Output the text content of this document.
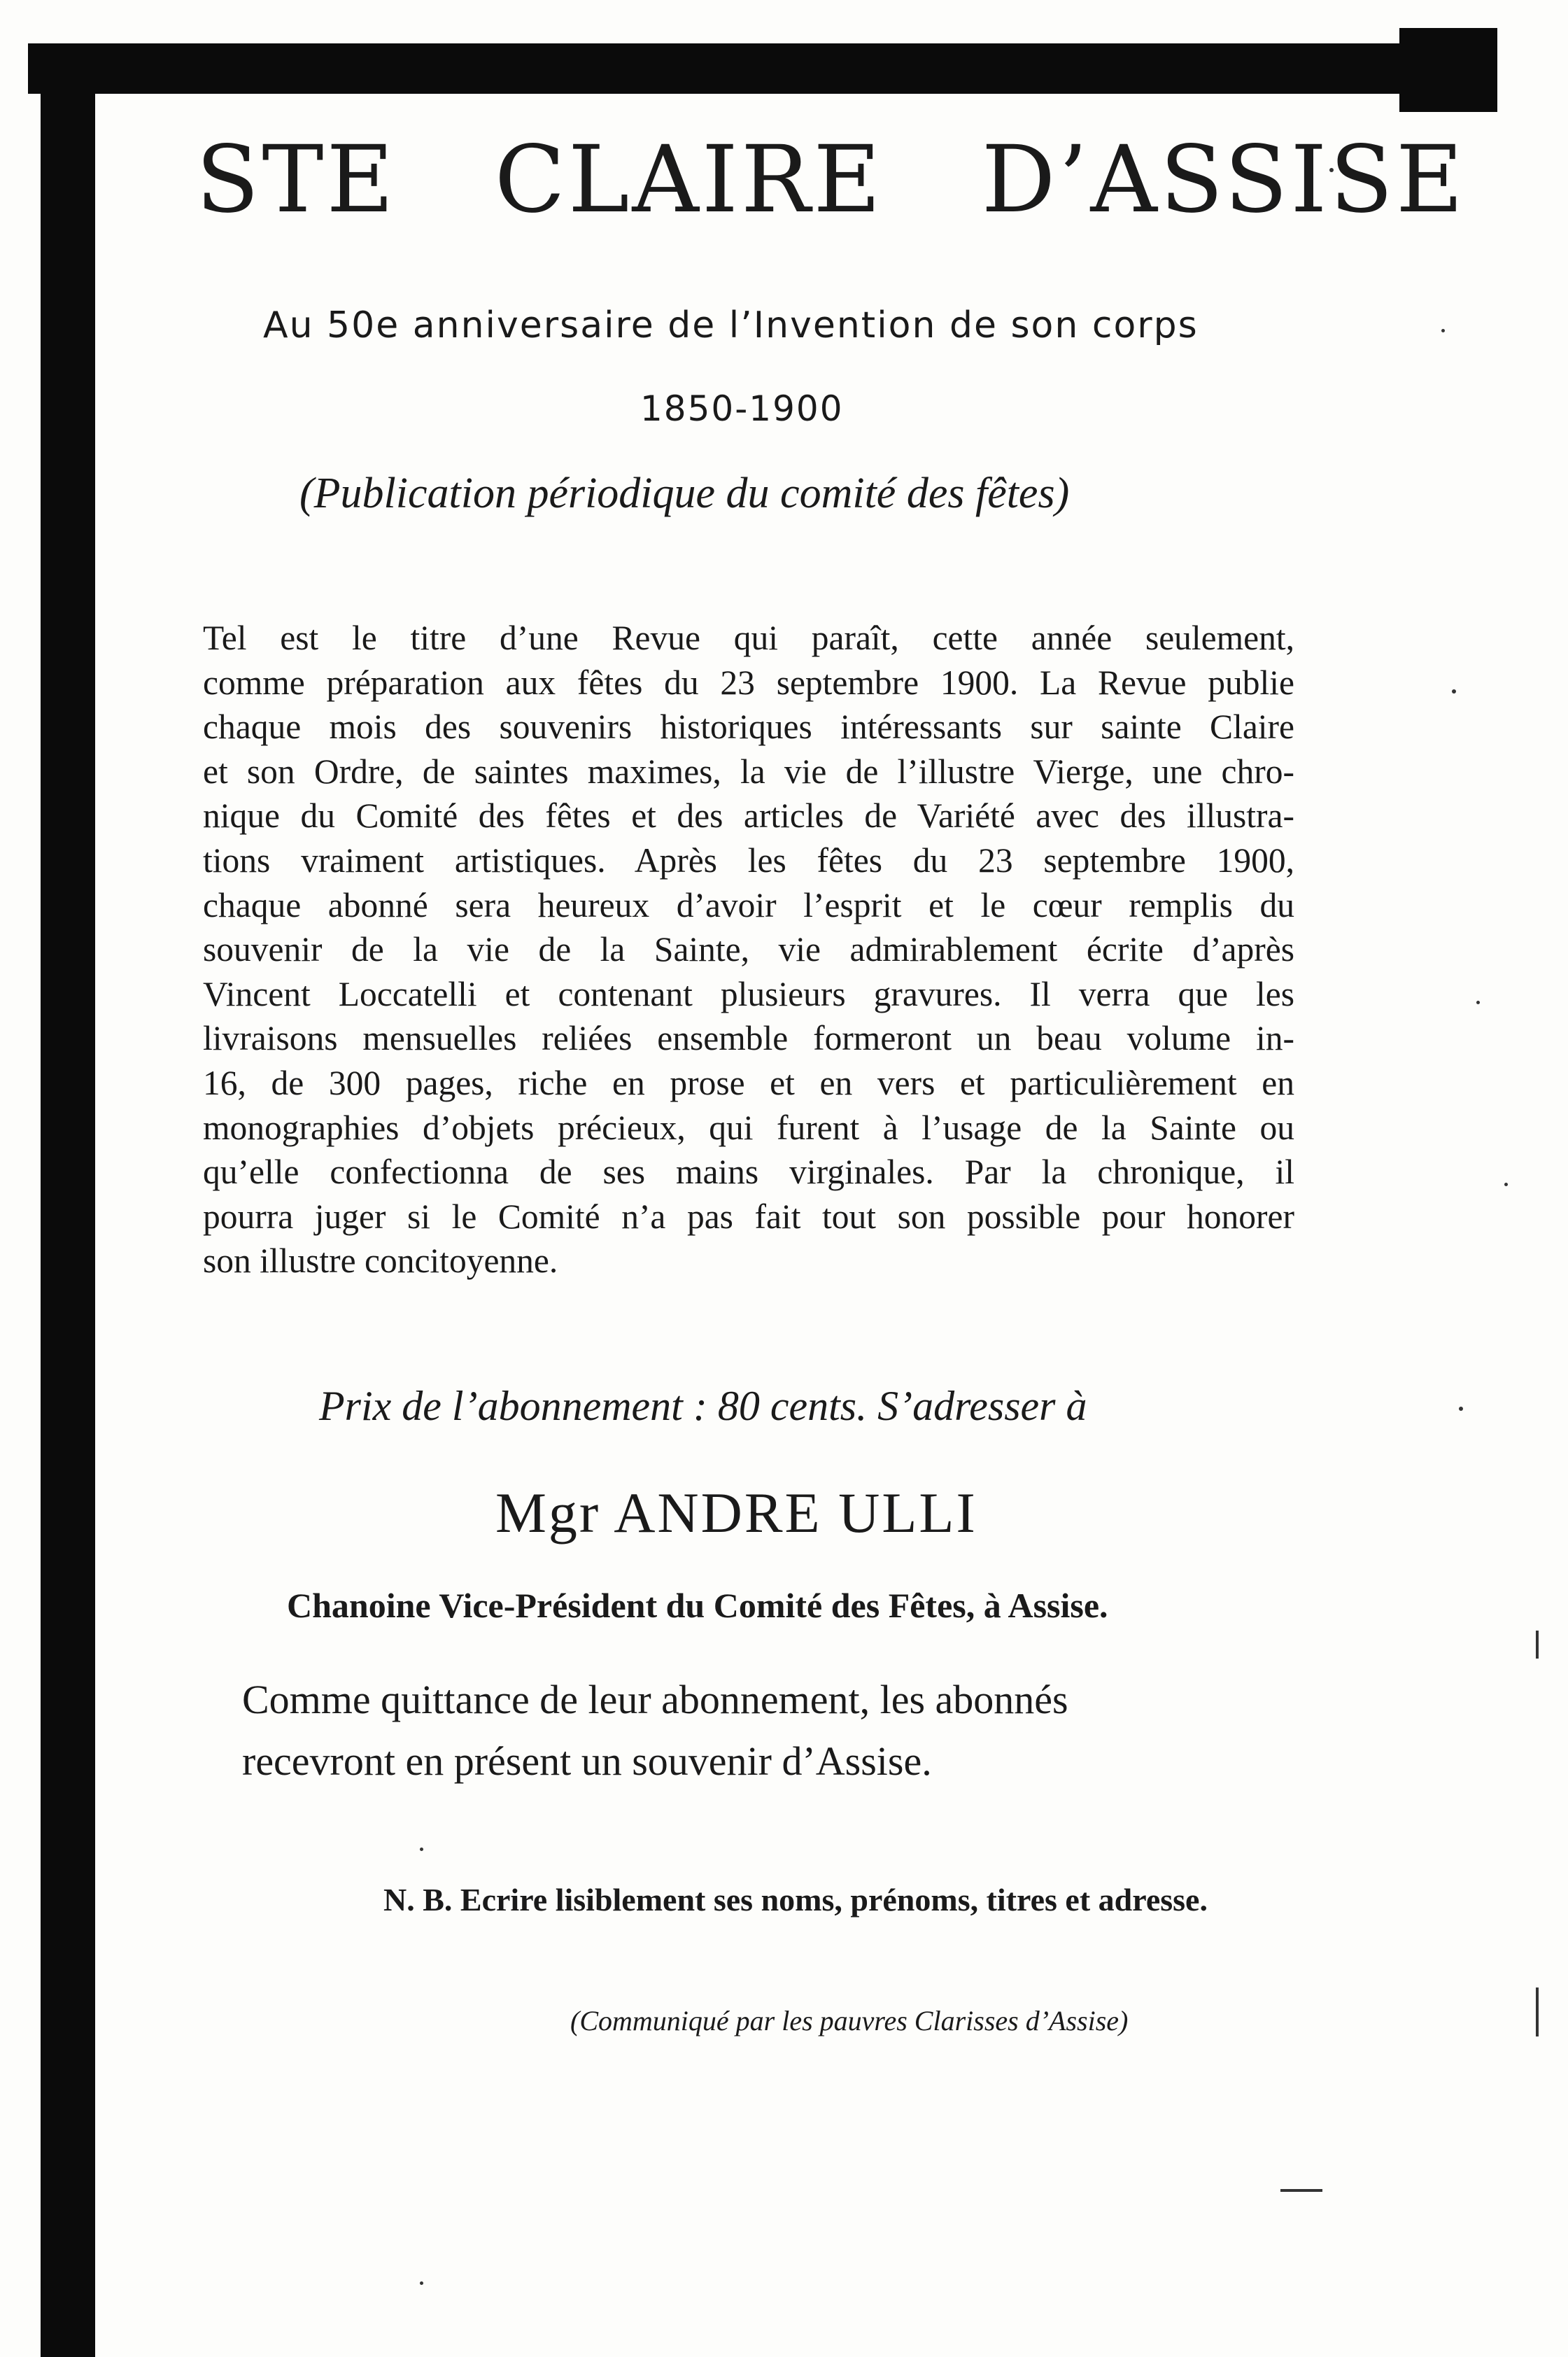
STE CLAIRE D’ASSISE
Au 50e anniversaire de l’Invention de son corps
1850-1900
(Publication périodique du comité des fêtes)
Tel est le titre d’une Revue qui paraît, cette année seulement,
comme préparation aux fêtes du 23 septembre 1900. La Revue publie
chaque mois des souvenirs historiques intéressants sur sainte Claire
et son Ordre, de saintes maximes, la vie de l’illustre Vierge, une chro-
nique du Comité des fêtes et des articles de Variété avec des illustra-
tions vraiment artistiques. Après les fêtes du 23 septembre 1900,
chaque abonné sera heureux d’avoir l’esprit et le cœur remplis du
souvenir de la vie de la Sainte, vie admirablement écrite d’après
Vincent Loccatelli et contenant plusieurs gravures. Il verra que les
livraisons mensuelles reliées ensemble formeront un beau volume in-
16, de 300 pages, riche en prose et en vers et particulièrement en
monographies d’objets précieux, qui furent à l’usage de la Sainte ou
qu’elle confectionna de ses mains virginales. Par la chronique, il
pourra juger si le Comité n’a pas fait tout son possible pour honorer
son illustre concitoyenne.
Prix de l’abonnement : 80 cents. S’adresser à
Mgr ANDRE ULLI
Chanoine Vice-Président du Comité des Fêtes, à Assise.
Comme quittance de leur abonnement, les abonnés
recevront en présent un souvenir d’Assise.
N. B. Ecrire lisiblement ses noms, prénoms, titres et adresse.
(Communiqué par les pauvres Clarisses d’Assise)
